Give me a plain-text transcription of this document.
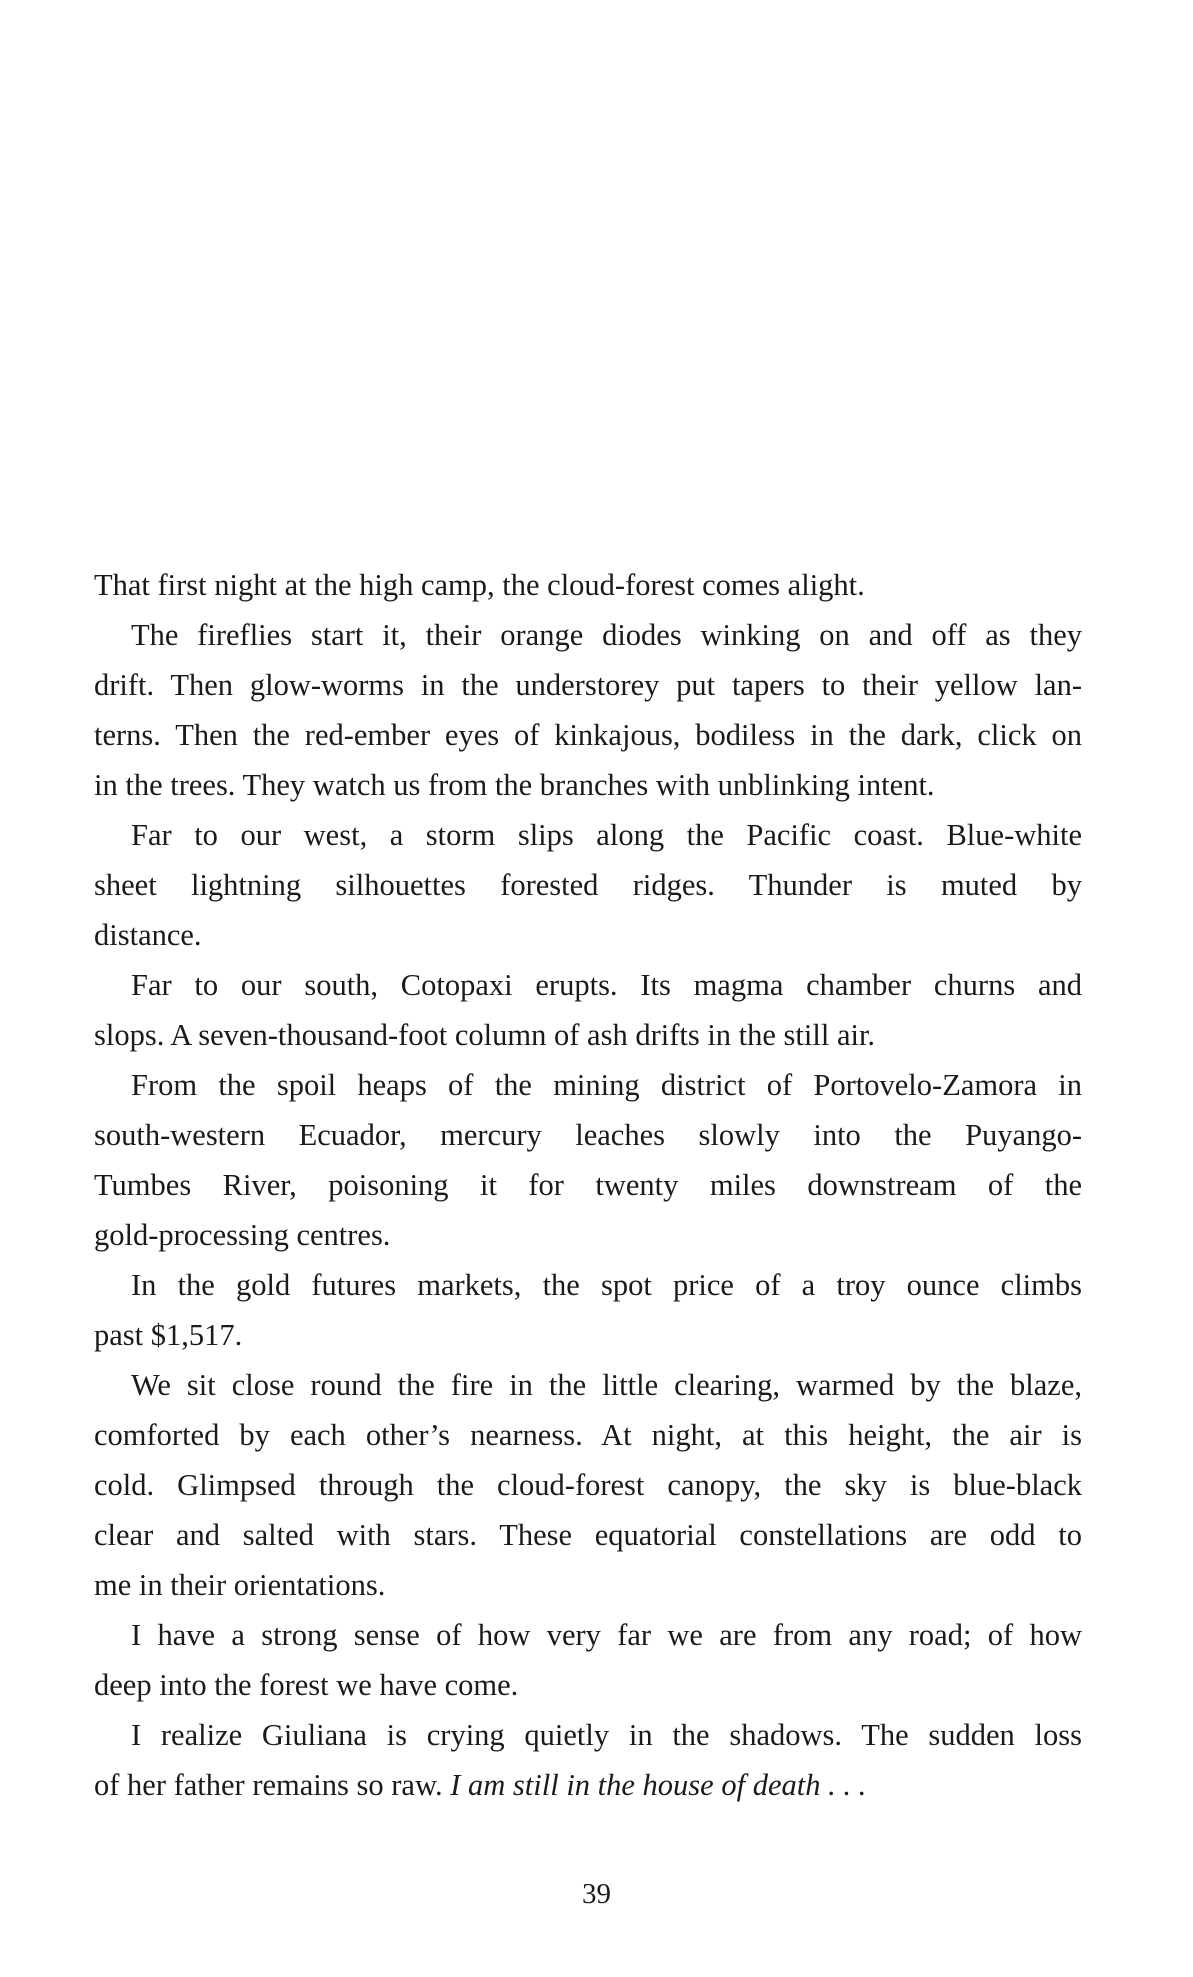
That first night at the high camp, the cloud-forest comes alight.
The fireflies start it, their orange diodes winking on and off as they
drift. Then glow-worms in the understorey put tapers to their yellow lan-
terns. Then the red-ember eyes of kinkajous, bodiless in the dark, click on
in the trees. They watch us from the branches with unblinking intent.
Far to our west, a storm slips along the Pacific coast. Blue-white
sheet lightning silhouettes forested ridges. Thunder is muted by
distance.
Far to our south, Cotopaxi erupts. Its magma chamber churns and
slops. A seven-thousand-foot column of ash drifts in the still air.
From the spoil heaps of the mining district of Portovelo-Zamora in
south-western Ecuador, mercury leaches slowly into the Puyango-
Tumbes River, poisoning it for twenty miles downstream of the
gold-processing centres.
In the gold futures markets, the spot price of a troy ounce climbs
past $1,517.
We sit close round the fire in the little clearing, warmed by the blaze,
comforted by each other’s nearness. At night, at this height, the air is
cold. Glimpsed through the cloud-forest canopy, the sky is blue-black
clear and salted with stars. These equatorial constellations are odd to
me in their orientations.
I have a strong sense of how very far we are from any road; of how
deep into the forest we have come.
I realize Giuliana is crying quietly in the shadows. The sudden loss
of her father remains so raw. I am still in the house of death . . .
39
